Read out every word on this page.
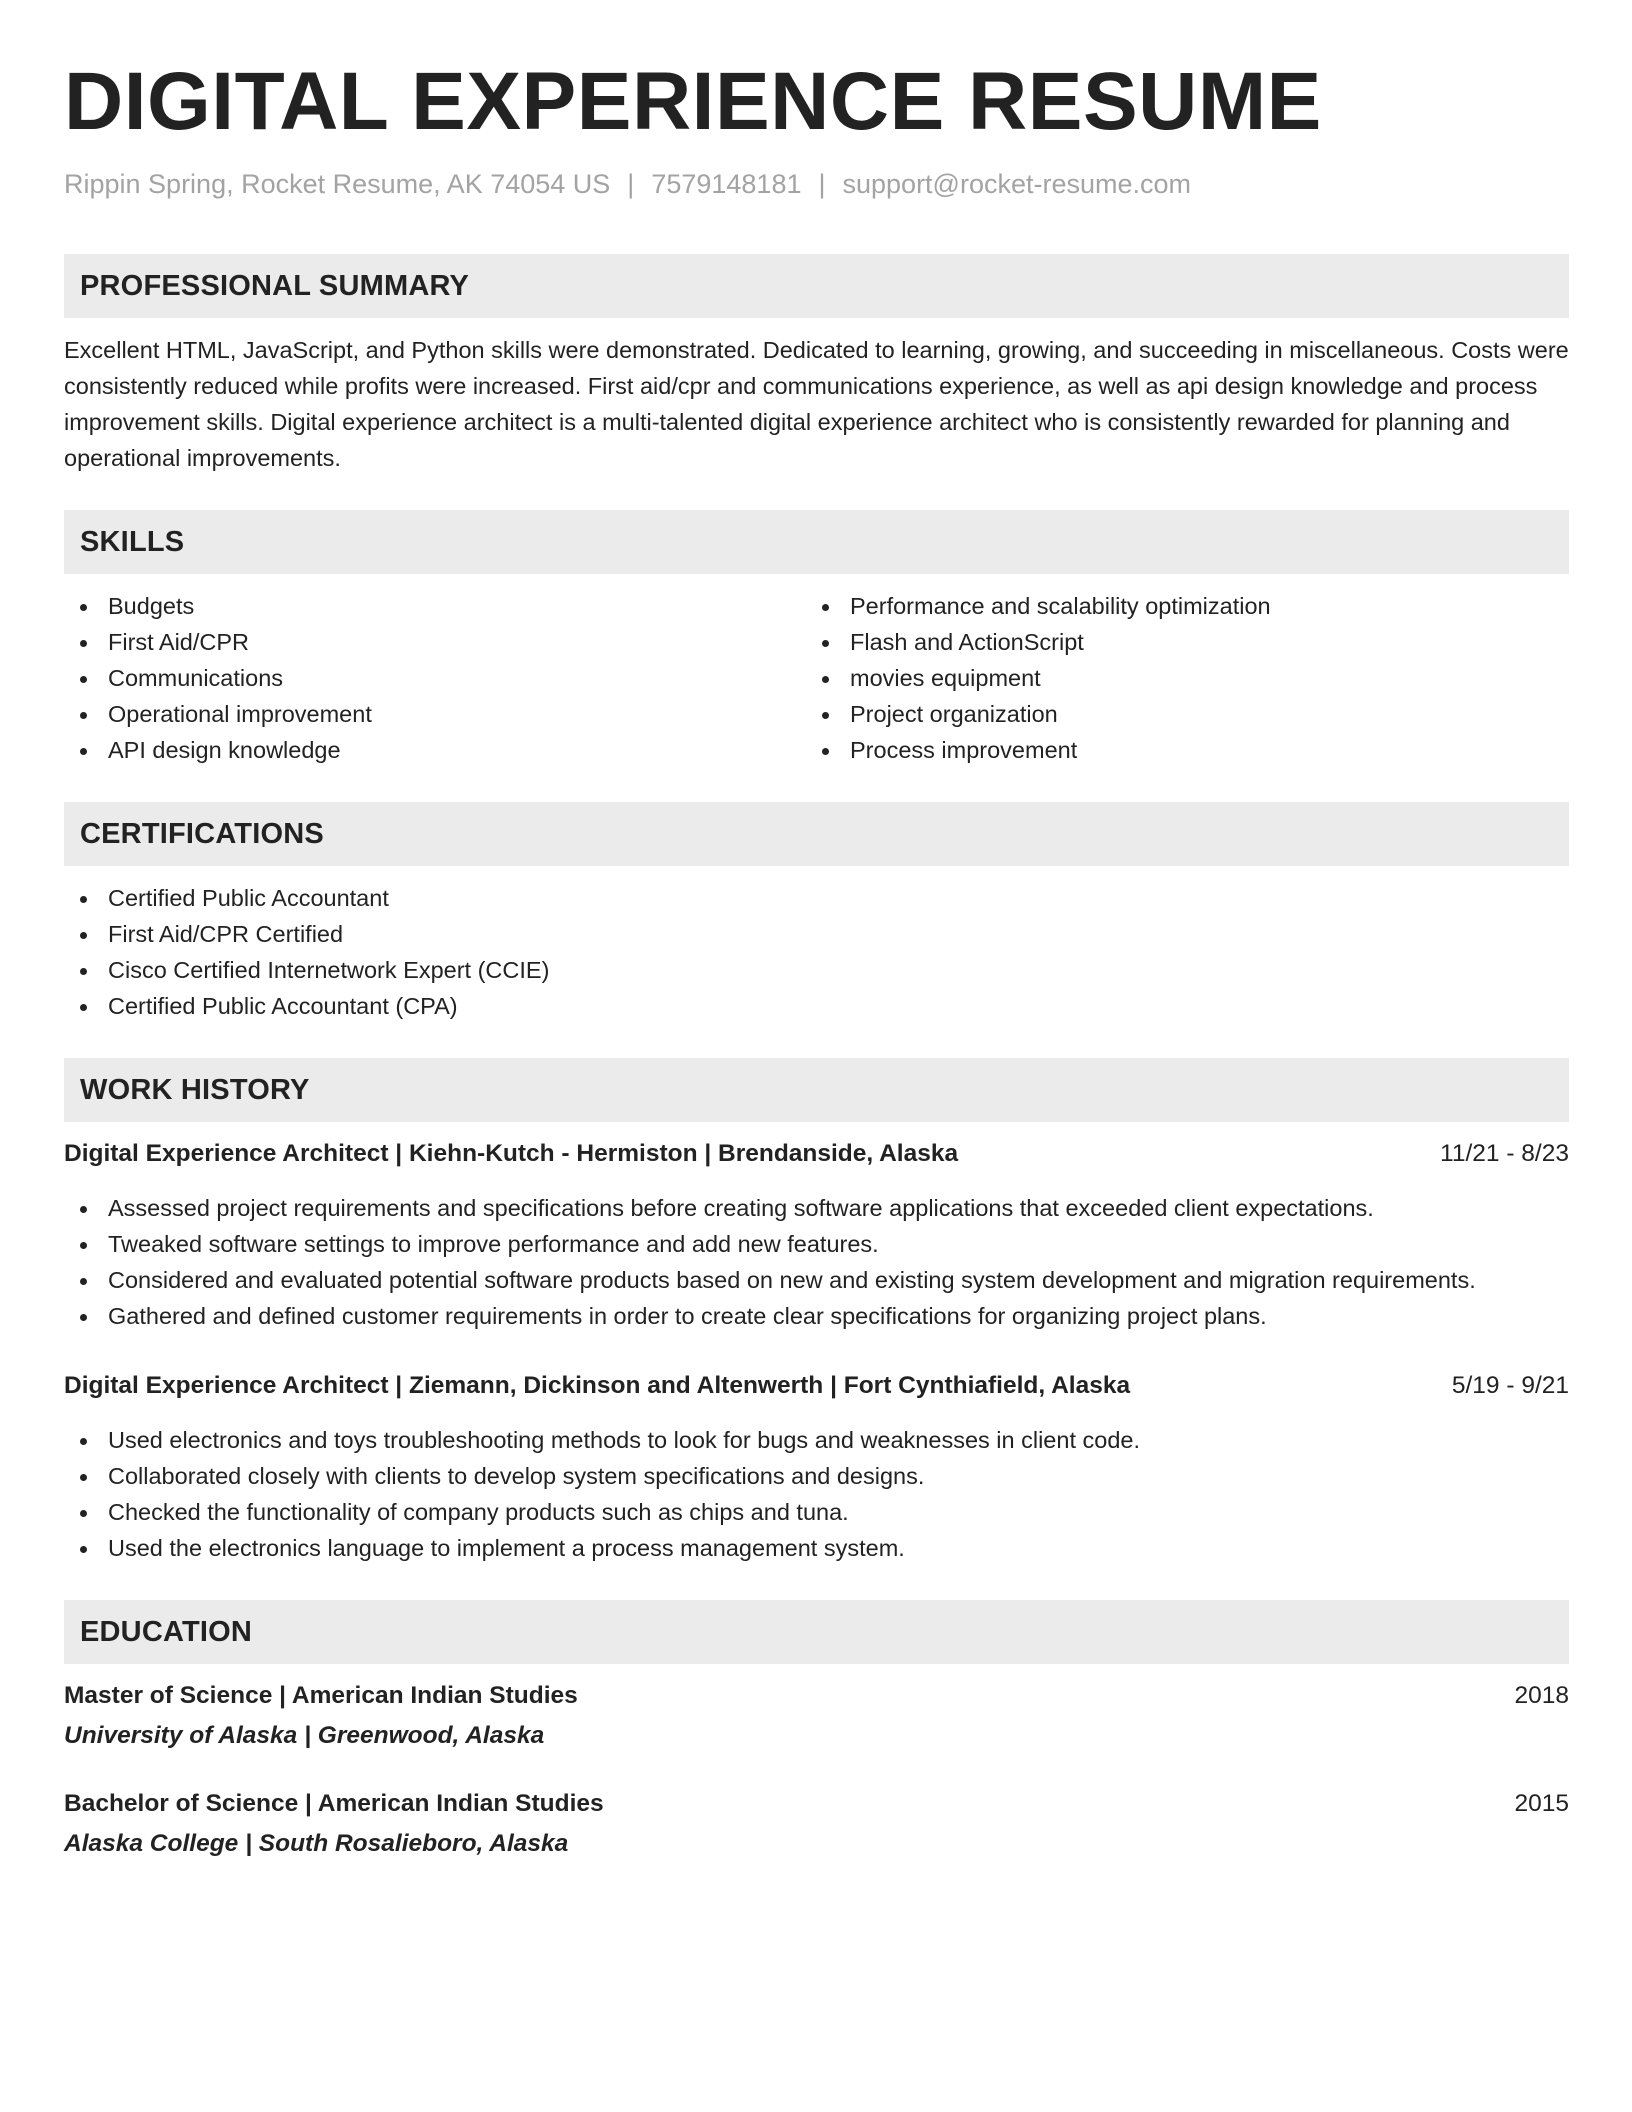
DIGITAL EXPERIENCE RESUME
Rippin Spring, Rocket Resume, AK 74054 US | 7579148181 | support@rocket-resume.com
PROFESSIONAL SUMMARY

Excellent HTML, JavaScript, and Python skills were demonstrated. Dedicated to learning, growing, and succeeding in miscellaneous. Costs were consistently reduced while profits were increased. First aid/cpr and communications experience, as well as api design knowledge and process improvement skills. Digital experience architect is a multi-talented digital experience architect who is consistently rewarded for planning and operational improvements.

SKILLS
Budgets
First Aid/CPR
Communications
Operational improvement
API design knowledge
Performance and scalability optimization
Flash and ActionScript
movies equipment
Project organization
Process improvement
CERTIFICATIONS
Certified Public Accountant
First Aid/CPR Certified
Cisco Certified Internetwork Expert (CCIE)
Certified Public Accountant (CPA)
WORK HISTORY
Digital Experience Architect | Kiehn-Kutch - Hermiston | Brendanside, Alaska	11/21 - 8/23
Assessed project requirements and specifications before creating software applications that exceeded client expectations.
Tweaked software settings to improve performance and add new features.
Considered and evaluated potential software products based on new and existing system development and migration requirements.
Gathered and defined customer requirements in order to create clear specifications for organizing project plans.
Digital Experience Architect | Ziemann, Dickinson and Altenwerth | Fort Cynthiafield, Alaska	5/19 - 9/21
Used electronics and toys troubleshooting methods to look for bugs and weaknesses in client code.
Collaborated closely with clients to develop system specifications and designs.
Checked the functionality of company products such as chips and tuna.
Used the electronics language to implement a process management system.
EDUCATION
Master of Science | American Indian Studies	2018
University of Alaska | Greenwood, Alaska
Bachelor of Science | American Indian Studies	2015
Alaska College | South Rosalieboro, Alaska
